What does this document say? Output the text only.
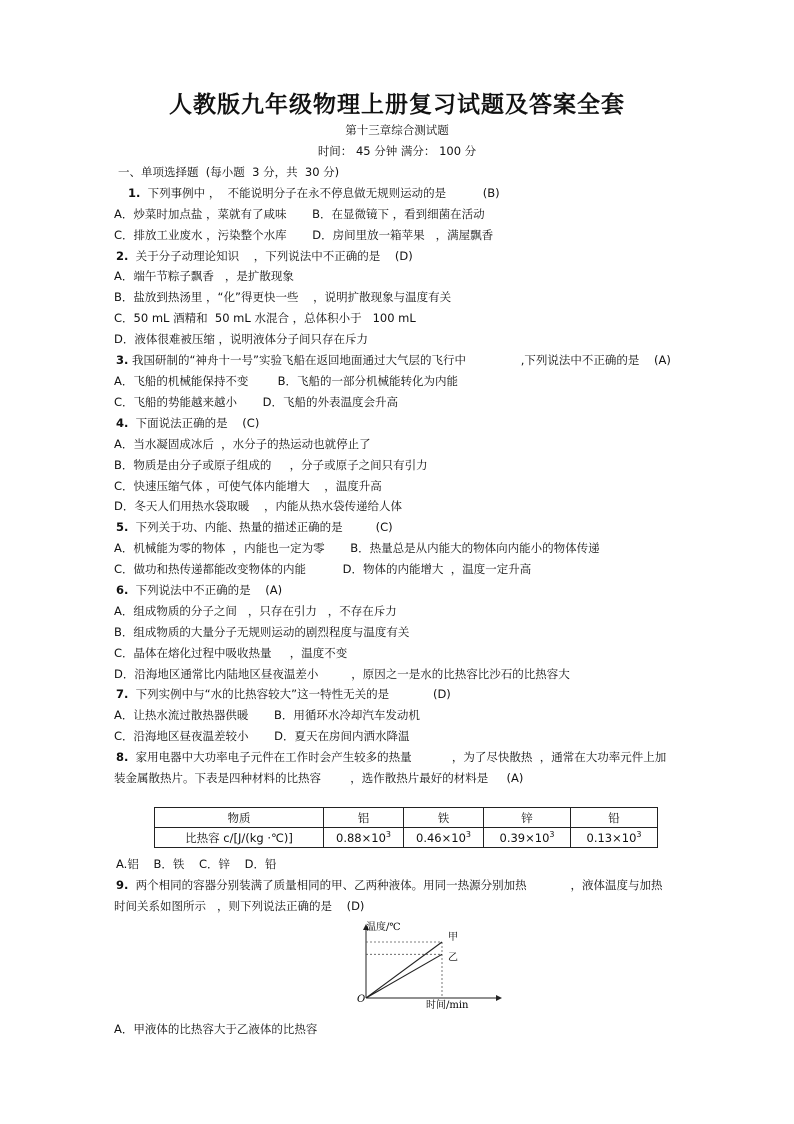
人教版九年级物理上册复习试题及答案全套
第十三章综合测试题
时间： 45 分钟 满分： 100 分
一、单项选择题  (每小题  3 分，共  30 分)
1.  下列事例中 ，  不能说明分子在永不停息做无规则运动的是          (B)
A．炒菜时加点盐 ，菜就有了咸味       B．在显微镜下 ，看到细菌在活动
C．排放工业废水 ，污染整个水库       D．房间里放一箱苹果   ，满屋飘香
2.  关于分子动理论知识    ，下列说法中不正确的是    (D)
A．端午节粽子飘香   ，是扩散现象
B．盐放到热汤里 ，“化”得更快一些    ，说明扩散现象与温度有关
C．50 mL 酒精和  50 mL 水混合 ，总体积小于   100 mL
D．液体很难被压缩 ，说明液体分子间只存在斥力
3. 我国研制的“神舟十一号”实验飞船在返回地面通过大气层的飞行中               ,下列说法中不正确的是    (A)
A．飞船的机械能保持不变        B．飞船的一部分机械能转化为内能
C．飞船的势能越来越小       D．飞船的外表温度会升高
4.  下面说法正确的是    (C)
A．当水凝固成冰后  ，水分子的热运动也就停止了
B．物质是由分子或原子组成的     ，分子或原子之间只有引力
C．快速压缩气体 ，可使气体内能增大    ，温度升高
D．冬天人们用热水袋取暖    ，内能从热水袋传递给人体
5.  下列关于功、内能、热量的描述正确的是         (C)
A．机械能为零的物体  ，内能也一定为零       B．热量总是从内能大的物体向内能小的物体传递
C．做功和热传递都能改变物体的内能          D．物体的内能增大  ，温度一定升高
6.  下列说法中不正确的是    (A)
A．组成物质的分子之间   ，只存在引力   ，不存在斥力
B．组成物质的大量分子无规则运动的剧烈程度与温度有关
C．晶体在熔化过程中吸收热量     ，温度不变
D．沿海地区通常比内陆地区昼夜温差小         ，原因之一是水的比热容比沙石的比热容大
7.  下列实例中与“水的比热容较大”这一特性无关的是            (D)
A．让热水流过散热器供暖       B．用循环水冷却汽车发动机
C．沿海地区昼夜温差较小       D．夏天在房间内洒水降温
8.  家用电器中大功率电子元件在工作时会产生较多的热量           ，为了尽快散热  ，通常在大功率元件上加
装金属散热片。下表是四种材料的比热容        ，选作散热片最好的材料是     (A)
物质	铝	铁	锌	铅
比热容 c/[J/(kg ·℃)]	$0.88\times 10^3$	$0.46\times 10^3$	$0.39\times 10^3$	$0.13\times 10^3$
A.铝    B．铁    C．锌    D．铅
9.  两个相同的容器分别装满了质量相同的甲、乙两种液体。用同一热源分别加热            ，液体温度与加热
时间关系如图所示   ，则下列说法正确的是    (D)
甲
乙
温度/℃
时间/min
O
A．甲液体的比热容大于乙液体的比热容
